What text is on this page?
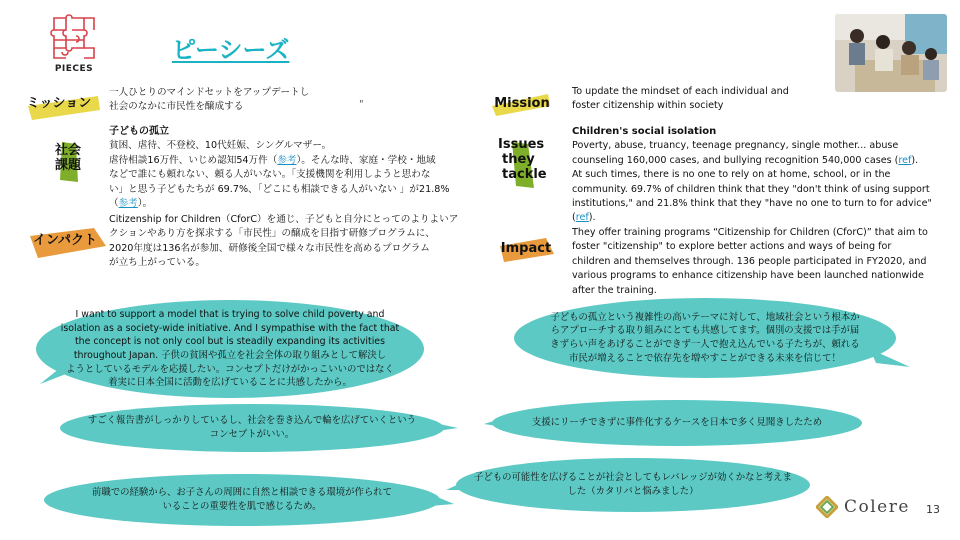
PIECES
ピーシーズ
ミッション
一人ひとりのマインドセットをアップデートし
社会のなかに市民性を醸成する	"
社会
課題
子どもの孤立
貧困、虐待、不登校、10代妊娠、シングルマザー。
虐待相談16万件、いじめ認知54万件（参考）。そんな時、家庭・学校・地域
などで誰にも頼れない、頼る人がいない。「支援機関を利用しようと思わな
い」と思う子どもたちが 69.7%、「どこにも相談できる人がいない 」が21.8%
（参考）。
インパクト
Citizenship for Children（CforC）を通じ、子どもと自分にとってのよりよいア
クションやあり方を探求する「市民性」の醸成を目指す研修プログラムに、
2020年度は136名が参加、研修後全国で様々な市民性を高めるプログラム
が立ち上がっている。
Mission
To update the mindset of each individual and
foster citizenship within society
Issues
they
tackle
Children's social isolation
Poverty, abuse, truancy, teenage pregnancy, single mother... abuse
counseling 160,000 cases, and bullying recognition 540,000 cases (ref).
At such times, there is no one to rely on at home, school, or in the
community. 69.7% of children think that they "don't think of using support
institutions," and 21.8% think that they "have no one to turn to for advice"
(ref).
Impact
They offer training programs “Citizenship for Children (CforC)” that aim to
foster "citizenship" to explore better actions and ways of being for
children and themselves through. 136 people participated in FY2020, and
various programs to enhance citizenship have been launched nationwide
after the training.
I want to support a model that is trying to solve child poverty and
isolation as a society-wide initiative. And I sympathise with the fact that
the concept is not only cool but is steadily expanding its activities
throughout Japan. 子供の貧困や孤立を社会全体の取り組みとして解決し
ようとしているモデルを応援したい。コンセプトだけがかっこいいのではなく
着実に日本全国に活動を広げていることに共感したから。
子どもの孤立という複雑性の高いテーマに対して、地域社会という根本か
らアプローチする取り組みにとても共感してます。個別の支援では手が届
きずらい声をあげることができず一人で抱え込んでいる子たちが、頼れる
市民が増えることで依存先を増やすことができる未来を信じて！
すごく報告書がしっかりしているし、社会を巻き込んで輪を広げていくという
コンセプトがいい。
支援にリーチできずに事件化するケースを日本で多く見聞きしたため
子どもの可能性を広げることが社会としてもレバレッジが効くかなと考えま
した（カタリバと悩みました）
前職での経験から、お子さんの周囲に自然と相談できる環境が作られて
いることの重要性を肌で感じるため。	Colere 13
